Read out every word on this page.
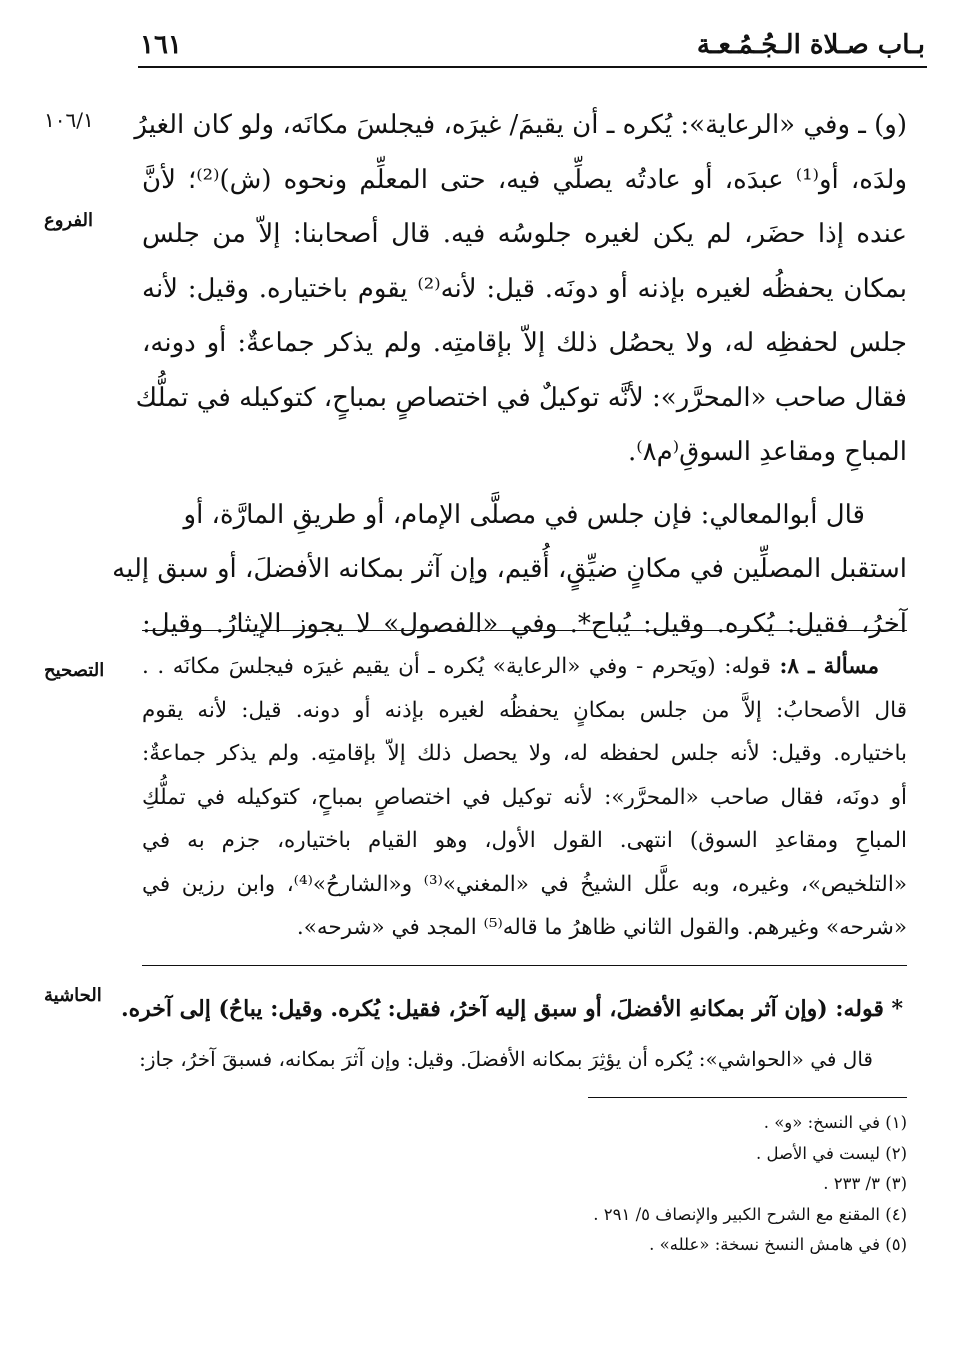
بـاب صـلاة الـجُـمُـعـة
١٦١
١٠٦/١
الفروع
التصحيح
الحاشية
(و) ـ وفي «الرعاية»: يُكره ـ أن يقيمَ/ غيرَه، فيجلسَ مكانَه، ولو كان الغيرُ
ولدَه، أو⁽¹⁾ عبدَه، أو عادتُه يصلِّي فيه، حتى المعلِّم ونحوه (ش)⁽²⁾؛ لأنَّ
عنده إذا حضَر، لم يكن لغيره جلوسُه فيه. قال أصحابنا: إلاّ من جلس
بمكان يحفظُه لغيره بإذنه أو دونَه. قيل: لأنه⁽²⁾ يقوم باختياره. وقيل: لأنه
جلس لحفظِه له، ولا يحصُل ذلك إلاّ بإقامتِه. ولم يذكر جماعةٌ: أو دونه،
فقال صاحب «المحرَّر»: لأنَّه توكيلٌ في اختصاصٍ بمباحٍ، كتوكيله في تملُّك
المباحِ ومقاعدِ السوقِ⁽م٨⁾.
قال أبوالمعالي: فإن جلس في مصلَّى الإمام، أو طريقِ المارَّة، أو
استقبل المصلِّين في مكانٍ ضيِّقٍ، أُقيم، وإن آثر بمكانه الأفضلَ، أو سبق إليه
آخرُ، فقيل: يُكره. وقيل: يُباح*. وفي «الفصول» لا يجوز الإيثارُ. وقيل:
مسألة ـ ٨: قوله: (ويَحرم - وفي «الرعاية» يُكره ـ أن يقيم غيرَه فيجلسَ مكانَه . .
قال الأصحابُ: إلاَّ من جلس بمكانٍ يحفظُه لغيره بإذنه أو دونه. قيل: لأنه يقوم
باختياره. وقيل: لأنه جلس لحفظه له، ولا يحصل ذلك إلاّ بإقامتِه. ولم يذكر جماعةٌ:
أو دونَه، فقال صاحب «المحرَّر»: لأنه توكيل في اختصاصٍ بمباحٍ، كتوكيله في تملُّكِ
المباحِ ومقاعدِ السوق) انتهى. القول الأول، وهو القيام باختياره، جزم به في
«التلخيص»، وغيره، وبه علَّل الشيخُ في «المغني»⁽³⁾ و«الشارحُ»⁽⁴⁾، وابن رزين في
«شرحه» وغيرهم. والقول الثاني ظاهرُ ما قاله⁽⁵⁾ المجد في «شرحه».
* قوله: (وإن آثر بمكانهِ الأفضلَ، أو سبق إليه آخرُ، فقيل: يُكره. وقيل: يباحُ) إلى آخره.
قال في «الحواشي»: يُكره أن يؤثِرَ بمكانه الأفضلَ. وقيل: وإن آثرَ بمكانه، فسبقَ آخرُ، جاز:
(١) في النسخ: «و» .
(٢) ليست في الأصل .
(٣) ٣/ ٢٣٣ .
(٤) المقنع مع الشرح الكبير والإنصاف ٥/ ٢٩١ .
(٥) في هامش النسخ نسخة: «علله» .
